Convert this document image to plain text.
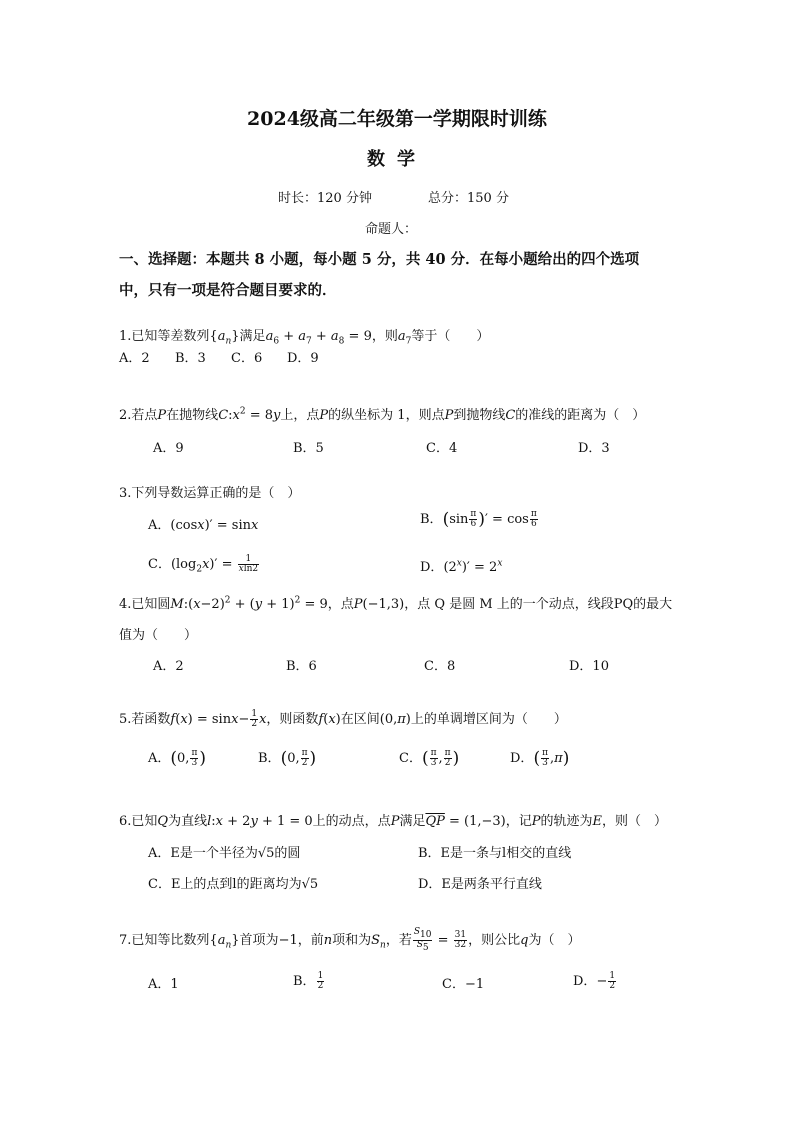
2024级高二年级第一学期限时训练
数学
时长：120 分钟	总分：150 分
命题人：
一、选择题：本题共 8 小题，每小题 5 分，共 40 分．在每小题给出的四个选项
中，只有一项是符合题目要求的．
1.已知等差数列$\{a_n\}$满足$a_6 + a_7 + a_8 = 9$，则$a_7$等于（　　）
A．2 B．3 C．6 D．9
2.若点P在抛物线$C:x^2 = 8y$上，点P的纵坐标为 1，则点P到抛物线C的准线的距离为（　）
A．9	B．5	C．4	D．3
3.下列导数运算正确的是（　）
A．(cosx)′ = sinx	B．($\sin \frac{\pi}{6}$ )′ = $\cos \frac{\pi}{6}$
C．$(\log_2x)' = \frac{1}{xln2}$	D．$(2^x)' = 2^x$
4.已知圆$M:(x-2)^2 + (y + 1)^2 = 9$，点P(−1,3)，点 Q 是圆 M 上的一个动点，线段PQ的最大
值为（　　）
A．2	B．6	C．8	D．10
5.若函数$f(x) = \sin x- \frac{1}{2}$ x，则函数f(x)在区间(0,π)上的单调增区间为（　　）
A．(0, $\frac{\pi}{3}$ )	B．(0, $\frac{\pi}{2}$ )	C．( $\frac{\pi}{3}$ , $\frac{\pi}{2}$ )	D．( $\frac{\pi}{3} ,\pi$)
6.已知Q为直线l:x + 2y + 1 = 0上的动点，点P满足$\overline{QP} = (1,-3)$，记P的轨迹为E，则（　）
A．E是一个半径为√5的圆	B．E是一条与l相交的直线
C．E上的点到l的距离均为√5	D．E是两条平行直线
7.已知等比数列$\{a_n\}$首项为−1，前n项和为$S_n$，若 $\frac{S_{10}}{S_5} = \frac{31}{32}$ ，则公比q为（　）
A．1	B． $\frac{1}{2}$	C．−1	D．− $\frac{1}{2}$
